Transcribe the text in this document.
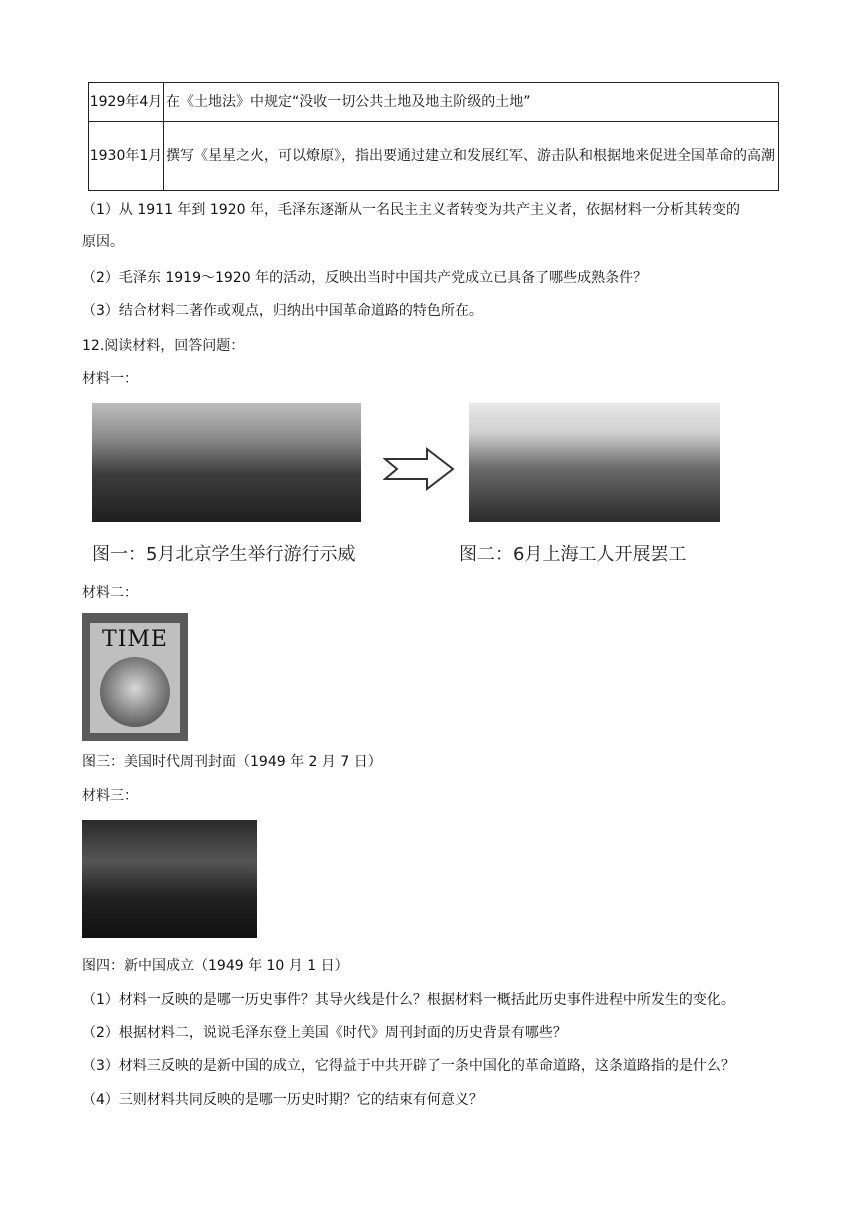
1929年4月	在《土地法》中规定“没收一切公共土地及地主阶级的土地”
1930年1月	撰写《星星之火，可以燎原》，指出要通过建立和发展红军、游击队和根据地来促进全国革命的高潮
（1）从 1911 年到 1920 年，毛泽东逐渐从一名民主主义者转变为共产主义者，依据材料一分析其转变的
原因。
（2）毛泽东 1919～1920 年的活动，反映出当时中国共产党成立已具备了哪些成熟条件？
（3）结合材料二著作或观点，归纳出中国革命道路的特色所在。
12.阅读材料，回答问题：
材料一：
图一：5月北京学生举行游行示威	图二：6月上海工人开展罢工
材料二：
TIME
图三：美国时代周刊封面（1949 年 2 月 7 日）
材料三：
图四：新中国成立（1949 年 10 月 1 日）
（1）材料一反映的是哪一历史事件？其导火线是什么？根据材料一概括此历史事件进程中所发生的变化。
（2）根据材料二，说说毛泽东登上美国《时代》周刊封面的历史背景有哪些？
（3）材料三反映的是新中国的成立，它得益于中共开辟了一条中国化的革命道路，这条道路指的是什么？
（4）三则材料共同反映的是哪一历史时期？它的结束有何意义？
